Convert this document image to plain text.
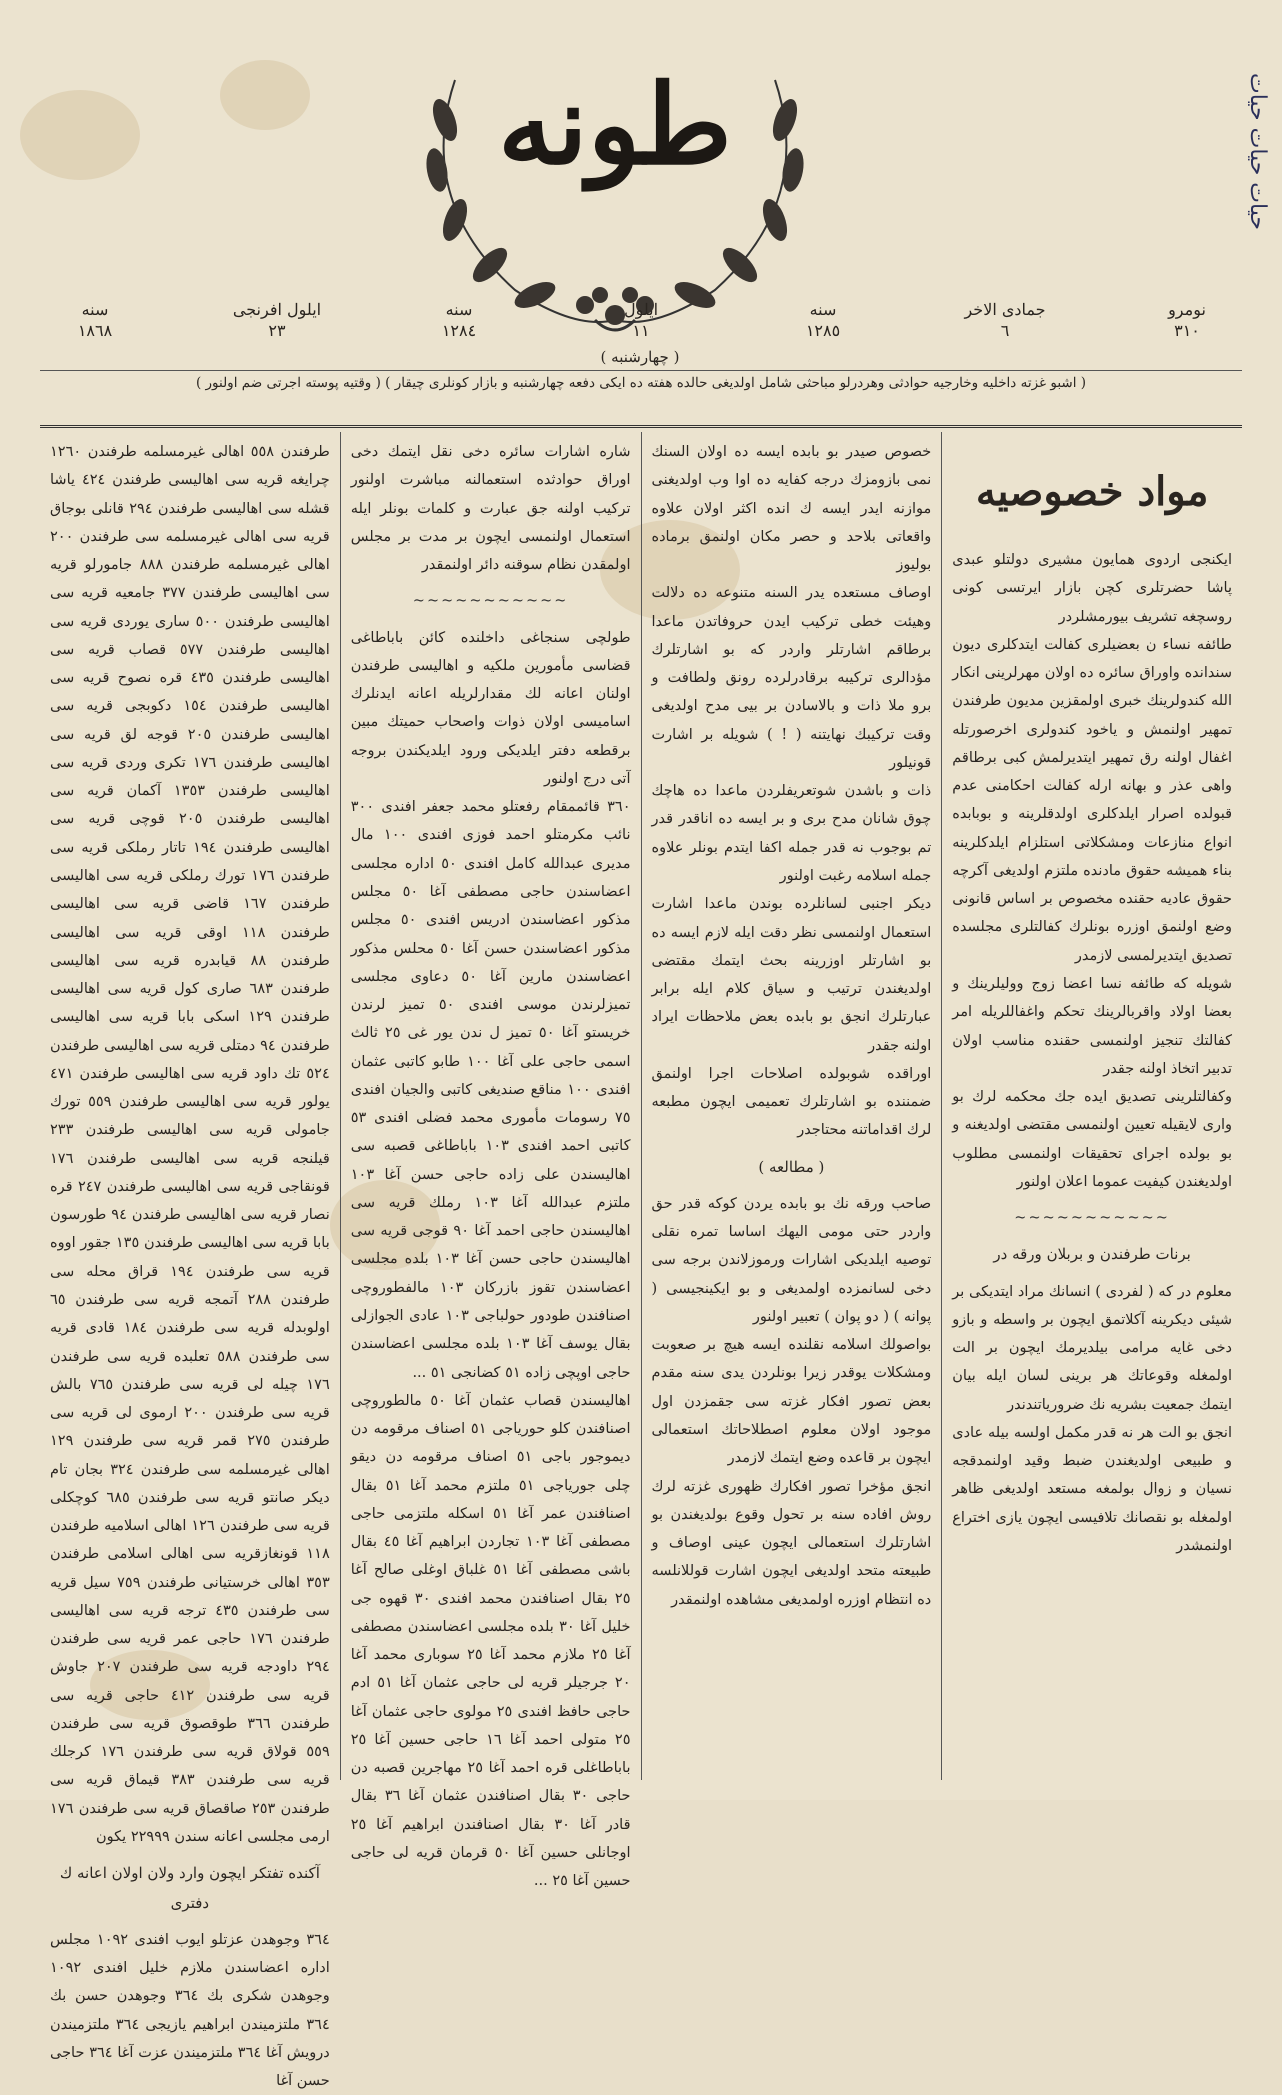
طونه	حیات حیات حیات
نومرو
٣١٠
جمادی الاخر
٦
سنه
١٢٨٥
ایلول
١١
سنه
١٢٨٤
ایلول افرنجی
٢٣
سنه
١٨٦٨
( چهارشنبه )
( اشبو غزته داخلیه وخارجیه حوادثی وهردرلو مباحثی شامل اولدیغی حالده هفته ده ایکی دفعه چهارشنبه و بازار کونلری چیقار ) ( وقتیه پوسته اجرتی ضم اولنور )
مواد خصوصیه

ایکنجی اردوی همایون مشیری دولتلو عبدی پاشا حضرتلری کچن بازار ایرتسی کونی روسچغه تشریف بیورمشلردر

طائفه نساء ن بعضیلری کفالت ایتدکلری دیون سندانده واوراق سائره ده اولان مهرلرینی انکار الله کندولرینك خبری اولمقزین مدیون طرفندن تمهیر اولنمش و یاخود کندولری اخرصورتله اغفال اولنه رق تمهیر ایتدیرلمش کبی برطاقم واهی عذر و بهانه ارله کفالت احکامنی عدم قبولده اصرار ایلدکلری اولدقلرینه و بوبابده انواع منازعات ومشکلاتی استلزام ایلدکلرینه بناء همیشه حقوق مادنده ملتزم اولدیغی آکرچه حقوق عادیه حقنده مخصوص بر اساس قانونی وضع اولنمق اوزره بونلرك کفالتلری مجلسده تصدیق ایتدیرلمسی لازمدر

شویله که طائفه نسا اعضا زوج وولیلرینك و بعضا اولاد واقربالرینك تحکم واغفاللریله امر کفالتك تنجیز اولنمسی حقنده مناسب اولان تدبیر اتخاذ اولنه جقدر

وکفالتلرینی تصدیق ایده جك محکمه لرك بو واری لایقیله تعیین اولنمسی مقتضی اولدیغنه و بو بولده اجرای تحقیقات اولنمسی مطلوب اولدیغندن کیفیت عموما اعلان اولنور

~~~~~~~~~~~
برنات طرفندن و بربلان ورقه در

معلوم در که ( لفردی ) انسانك مراد ایتدیکی بر شیئی دیکرینه آکلاتمق ایچون بر واسطه و بازو دخی غایه مرامی بیلدیرمك ایچون بر الت اولمغله وقوعاتك هر برینی لسان ایله بیان ایتمك جمعیت بشریه نك ضروریاتندندر

انجق بو الت هر نه قدر مکمل اولسه بیله عادی و طبیعی اولدیغندن ضبط وقید اولنمدقجه نسیان و زوال بولمغه مستعد اولدیغی ظاهر اولمغله بو نقصانك تلافیسی ایچون یازی اختراع اولنمشدر

خصوص صیدر بو بابده ایسه ده اولان السنك نمی بازومزك درجه کفایه ده اوا وب اولدیغنی موازنه ایدر ایسه ك انده اکثر اولان علاوه واقعاتی بلاحد و حصر مکان اولنمق برماده بولیوز

اوصاف مستعده یدر السنه متنوعه ده دلالت وهیئت خطی ترکیب ایدن حروفاتدن ماعدا برطاقم اشارتلر واردر که بو اشارتلرك مؤدالری ترکیبه برقادرلرده رونق ولطافت و برو ملا ذات و بالاسادن بر بیی مدح اولدیغی وقت ترکیبك نهایتنه ( ! ) شویله بر اشارت قونیلور

ذات و باشدن شوتعریفلردن ماعدا ده هاچك چوق شانان مدح بری و بر ایسه ده اناقدر قدر تم بوجوب نه قدر جمله اکفا ایتدم بونلر علاوه جمله اسلامه رغبت اولنور

دیکر اجنبی لسانلرده بوندن ماعدا اشارت استعمال اولنمسی نظر دقت ایله لازم ایسه ده بو اشارتلر اوزرینه بحث ایتمك مقتضی اولدیغندن ترتیب و سیاق کلام ایله برابر عبارتلرك انجق بو بابده بعض ملاحظات ایراد اولنه جقدر

اوراقده شوبولده اصلاحات اجرا اولنمق ضمننده بو اشارتلرك تعمیمی ایچون مطبعه لرك اقداماتنه محتاجدر

( مطالعه )

صاحب ورقه نك بو بابده یردن کوکه قدر حق واردر حتی مومی الیهك اساسا تمره نقلی توصیه ایلدیکی اشارات ورموزلاندن برجه سی دخی لسانمزده اولمدیغی و بو ایکینجیسی ( پوانه ) ( دو پوان ) تعبیر اولنور

بواصولك اسلامه نقلنده ایسه هیچ بر صعوبت ومشکلات یوقدر زیرا بونلردن یدی سنه مقدم بعض تصور افکار غزته سی جقمزدن اول موجود اولان معلوم اصطلاحاتك استعمالی ایچون بر قاعده وضع ایتمك لازمدر

انجق مؤخرا تصور افکارك ظهوری غزته لرك روش افاده سنه بر تحول وقوع بولدیغندن بو اشارتلرك استعمالی ایچون عینی اوصاف و طبیعته متحد اولدیغی ایچون اشارت قوللانلسه ده انتظام اوزره اولمدیغی مشاهده اولنمقدر

شاره اشارات سائره دخی نقل ایتمك دخی اوراق حوادثده استعمالنه مباشرت اولنور ترکیب اولنه جق عبارت و کلمات بونلر ایله استعمال اولنمسی ایچون بر مدت بر مجلس اولمقدن نظام سوقنه دائر اولنمقدر

~~~~~~~~~~~

طولچی سنجاغی داخلنده کائن باباطاغی قضاسی مأمورین ملکیه و اهالیسی طرفندن اولنان اعانه لك مقدارلریله اعانه ایدنلرك اسامیسی اولان ذوات واصحاب حمیتك مبین برقطعه دفتر ایلدیکی ورود ایلدیکندن بروجه آتی درج اولنور

٣٦٠ قائممقام رفعتلو محمد جعفر افندی ٣٠٠ نائب مکرمتلو احمد فوزی افندی ١٠٠ مال مدیری عبدالله کامل افندی ٥٠ اداره مجلسی اعضاسندن حاجی مصطفی آغا ٥٠ مجلس مذکور اعضاسندن ادریس افندی ٥٠ مجلس مذکور اعضاسندن حسن آغا ٥٠ محلس مذکور اعضاسندن مارین آغا ٥٠ دعاوی مجلسی تمیزلرندن موسی افندی ٥٠ تمیز لرندن خریستو آغا ٥٠ تمیز ل ندن یور غی ٢٥ ثالث اسمی حاجی علی آغا ١٠٠ طابو کاتبی عثمان افندی ١٠٠ مناقع صندیغی کاتبی والجیان افندی ٧٥ رسومات مأموری محمد فضلی افندی ٥٣ کاتبی احمد افندی ١٠٣ باباطاغی قصبه سی اهالیسندن علی زاده حاجی حسن آغا ١٠٣ ملتزم عبدالله آغا ١٠٣ رملك قریه سی اهالیسندن حاجی احمد آغا ٩٠ قوجی قریه سی اهالیسندن حاجی حسن آغا ١٠٣ بلده مجلسی اعضاسندن تقوز بازرکان ١٠٣ مالفطوروچی اصنافندن طودور حولباجی ١٠٣ عادی الجوازلی بقال یوسف آغا ١٠٣ بلده مجلسی اعضاسندن حاجی اوپچی زاده ٥١ کضانجی ٥١ ...

اهالیسندن قصاب عثمان آغا ٥٠ مالطوروچی اصنافندن کلو حوریاجی ٥١ اصناف مرقومه دن دیموجور باجی ٥١ اصناف مرقومه دن دیقو چلی جوریاجی ٥١ ملتزم محمد آغا ٥١ بقال اصنافندن عمر آغا ٥١ اسکله ملتزمی حاجی مصطفی آغا ١٠٣ تجاردن ابراهیم آغا ٤٥ بقال باشی مصطفی آغا ٥١ غلباق اوغلی صالح آغا ٢٥ بقال اصنافندن محمد افندی ٣٠ قهوه جی خلیل آغا ٣٠ بلده مجلسی اعضاسندن مصطفی آغا ٢٥ ملازم محمد آغا ٢٥ سوباری محمد آغا ٢٠ جرجیلر قریه لی حاجی عثمان آغا ٥١ ادم حاجی حافظ افندی ٢٥ مولوی حاجی عثمان آغا ٢٥ متولی احمد آغا ١٦ حاجی حسین آغا ٢٥ باباطاغلی قره احمد آغا ٢٥ مهاجرین قصبه دن حاجی ٣٠ بقال اصنافندن عثمان آغا ٣٦ بقال قادر آغا ٣٠ بقال اصنافندن ابراهیم آغا ٢٥ اوجانلی حسین آغا ٥٠ قرمان قریه لی حاجی حسین آغا ٢٥ ...

طرفندن ٥٥٨ اهالی غیرمسلمه طرفندن ١٢٦٠ چرایغه قریه سی اهالیسی طرفندن ٤٢٤ یاشا قشله سی اهالیسی طرفندن ٢٩٤ قانلی بوجاق قریه سی اهالی غیرمسلمه سی طرفندن ٢٠٠ اهالی غیرمسلمه طرفندن ٨٨٨ جامورلو قریه سی اهالیسی طرفندن ٣٧٧ جامعیه قریه سی اهالیسی طرفندن ٥٠٠ ساری یوردی قریه سی اهالیسی طرفندن ٥٧٧ قصاب قریه سی اهالیسی طرفندن ٤٣٥ قره نصوح قریه سی اهالیسی طرفندن ١٥٤ دکوبجی قریه سی اهالیسی طرفندن ٢٠٥ قوجه لق قریه سی اهالیسی طرفندن ١٧٦ تکری وردی قریه سی اهالیسی طرفندن ١٣٥٣ آکمان قریه سی اهالیسی طرفندن ٢٠٥ قوچی قریه سی اهالیسی طرفندن ١٩٤ تاتار رملکی قریه سی طرفندن ١٧٦ تورك رملکی قریه سی اهالیسی طرفندن ١٦٧ قاضی قریه سی اهالیسی طرفندن ١١٨ اوقی قریه سی اهالیسی طرفندن ٨٨ قیابدره قریه سی اهالیسی طرفندن ٦٨٣ صاری کول قریه سی اهالیسی طرفندن ١٢٩ اسکی بابا قریه سی اهالیسی طرفندن ٩٤ دمتلی قریه سی اهالیسی طرفندن ٥٢٤ تك داود قریه سی اهالیسی طرفندن ٤٧١ یولور قریه سی اهالیسی طرفندن ٥٥٩ تورك جامولی قریه سی اهالیسی طرفندن ٢٣٣ قیلنجه قریه سی اهالیسی طرفندن ١٧٦ قونقاجی قریه سی اهالیسی طرفندن ٢٤٧ قره نصار قریه سی اهالیسی طرفندن ٩٤ طورسون بابا قریه سی اهالیسی طرفندن ١٣٥ جقور اووه قریه سی طرفندن ١٩٤ قراق محله سی طرفندن ٢٨٨ آتمجه قریه سی طرفندن ٦٥ اولوبدله قریه سی طرفندن ١٨٤ قادی قریه سی طرفندن ٥٨٨ تعلبده قریه سی طرفندن ١٧٦ چیله لی قریه سی طرفندن ٧٦٥ بالش قریه سی طرفندن ٢٠٠ ارموی لی قریه سی طرفندن ٢٧٥ قمر قریه سی طرفندن ١٢٩ اهالی غیرمسلمه سی طرفندن ٣٢٤ بجان تام دیکر صانتو قریه سی طرفندن ٦٨٥ کوچکلی قریه سی طرفندن ١٢٦ اهالی اسلامیه طرفندن ١١٨ قونغازقریه سی اهالی اسلامی طرفندن ٣٥٣ اهالی خرستیانی طرفندن ٧٥٩ سیل قریه سی طرفندن ٤٣٥ ترجه قریه سی اهالیسی طرفندن ١٧٦ حاجی عمر قریه سی طرفندن ٢٩٤ داودجه قریه سی طرفندن ٢٠٧ جاوش قریه سی طرفندن ٤١٢ حاجی قریه سی طرفندن ٣٦٦ طوقصوق قریه سی طرفندن ٥٥٩ قولاق قریه سی طرفندن ١٧٦ کرجلك قریه سی طرفندن ٣٨٣ قیماق قریه سی طرفندن ٢٥٣ صاقصاق قریه سی طرفندن ١٧٦ ارمی مجلسی اعانه سندن ٢٢٩٩٩ یکون

آکنده تفتکر ایچون وارد ولان اولان اعانه ك دفتری

٣٦٤ وجوهدن عزتلو ایوب افندی ١٠٩٢ مجلس اداره اعضاسندن ملازم خلیل افندی ١٠٩٢ وجوهدن شکری بك ٣٦٤ وجوهدن حسن بك ٣٦٤ ملتزمیندن ابراهیم یازیجی ٣٦٤ ملتزمیندن درویش آغا ٣٦٤ ملتزمیندن عزت آغا ٣٦٤ حاجی حسن آغا
